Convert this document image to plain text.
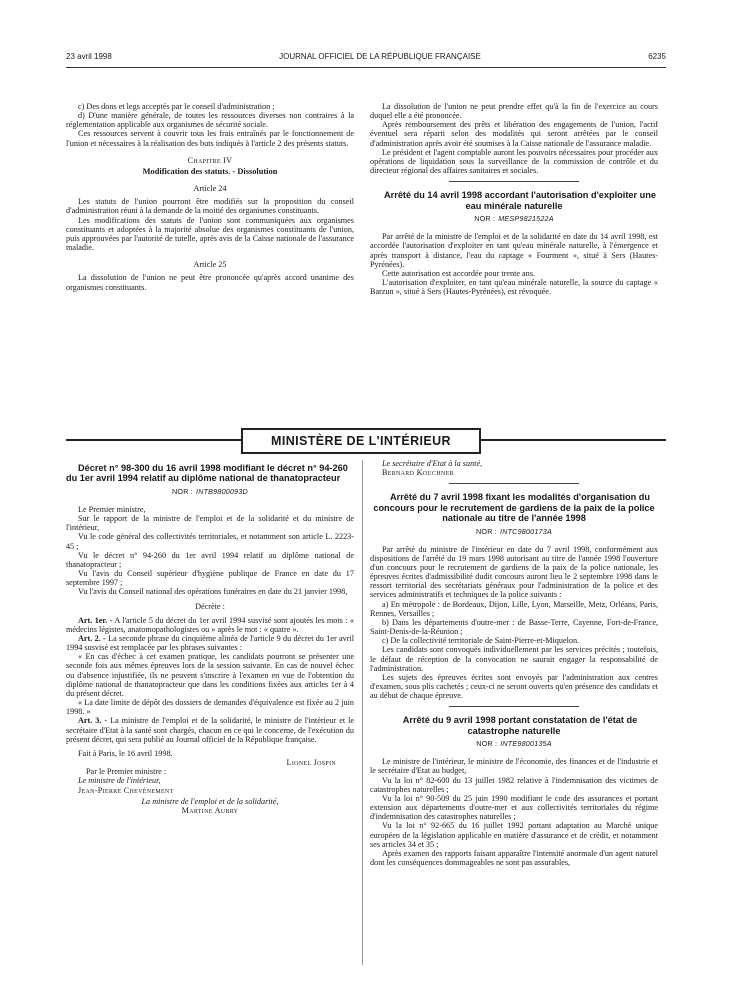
23 avril 1998	JOURNAL OFFICIEL DE LA RÉPUBLIQUE FRANÇAISE	6235

c) Des dons et legs acceptés par le conseil d'administration ;

d) D'une manière générale, de toutes les ressources diverses non contraires à la réglementation applicable aux organismes de sécurité sociale.

Ces ressources servent à couvrir tous les frais entraînés par le fonctionnement de l'union et nécessaires à la réalisation des buts indiqués à l'article 2 des présents statuts.

Chapitre IV
Modification des statuts. - Dissolution
Article 24

Les statuts de l'union pourront être modifiés sur la proposition du conseil d'administration réuni à la demande de la moitié des organismes constituants.

Les modifications des statuts de l'union sont communiquées aux organismes constituants et adoptées à la majorité absolue des organismes constituants de l'union, puis approuvées par l'autorité de tutelle, après avis de la Caisse nationale de l'assurance maladie.

Article 25

La dissolution de l'union ne peut être prononcée qu'après accord unanime des organismes constituants.

La dissolution de l'union ne peut prendre effet qu'à la fin de l'exercice au cours duquel elle a été prononcée.

Après remboursement des prêts et libération des engagements de l'union, l'actif éventuel sera réparti selon des modalités qui seront arrêtées par le conseil d'administration après avoir été soumises à la Caisse nationale de l'assurance maladie.

Le président et l'agent comptable auront les pouvoirs nécessaires pour procéder aux opérations de liquidation sous la surveillance de la commission de contrôle et du directeur régional des affaires sanitaires et sociales.

Arrêté du 14 avril 1998 accordant l'autorisation d'exploiter une eau minérale naturelle

NOR : MESP9821522A

Par arrêté de la ministre de l'emploi et de la solidarité en date du 14 avril 1998, est accordée l'autorisation d'exploiter en tant qu'eau minérale naturelle, à l'émergence et après transport à distance, l'eau du captage « Fourment », situé à Sers (Hautes-Pyrénées).

Cette autorisation est accordée pour trente ans.

L'autorisation d'exploiter, en tant qu'eau minérale naturelle, la source du captage « Barzun », situé à Sers (Hautes-Pyrénées), est révoquée.

MINISTÈRE DE L'INTÉRIEUR

Décret n° 98-300 du 16 avril 1998 modifiant le décret n° 94-260 du 1er avril 1994 relatif au diplôme national de thanatopracteur

NOR : INTB9800093D

Le Premier ministre,

Sur le rapport de la ministre de l'emploi et de la solidarité et du ministre de l'intérieur,

Vu le code général des collectivités territoriales, et notamment son article L. 2223-45 ;

Vu le décret n° 94-260 du 1er avril 1994 relatif au diplôme national de thanatopracteur ;

Vu l'avis du Conseil supérieur d'hygiène publique de France en date du 17 septembre 1997 ;

Vu l'avis du Conseil national des opérations funéraires en date du 21 janvier 1998,

Décrète :

Art. 1er. - A l'article 5 du décret du 1er avril 1994 susvisé sont ajoutés les mots : « médecins légistes, anatomopathologistes ou » après le mot : « quatre ».

Art. 2. - La seconde phrase du cinquième alinéa de l'article 9 du décret du 1er avril 1994 susvisé est remplacée par les phrases suivantes :

« En cas d'échec à cet examen pratique, les candidats pourront se présenter une seconde fois aux mêmes épreuves lors de la session suivante. En cas de nouvel échec ou d'absence injustifiée, ils ne peuvent s'inscrire à l'examen en vue de l'obtention du diplôme national de thanatopracteur que dans les conditions fixées aux articles 1er à 4 du présent décret.

« La date limite de dépôt des dossiers de demandes d'équivalence est fixée au 2 juin 1998. »

Art. 3. - La ministre de l'emploi et de la solidarité, le ministre de l'intérieur et le secrétaire d'Etat à la santé sont chargés, chacun en ce qui le concerne, de l'exécution du présent décret, qui sera publié au Journal officiel de la République française.

Fait à Paris, le 16 avril 1998.

Lionel Jospin

Par le Premier ministre :

Le ministre de l'intérieur,

Jean-Pierre Chevènement

La ministre de l'emploi et de la solidarité,

Martine Aubry

Le secrétaire d'Etat à la santé,

Bernard Kouchner

Arrêté du 7 avril 1998 fixant les modalités d'organisation du concours pour le recrutement de gardiens de la paix de la police nationale au titre de l'année 1998

NOR : INTC9800173A

Par arrêté du ministre de l'intérieur en date du 7 avril 1998, conformément aux dispositions de l'arrêté du 19 mars 1998 autorisant au titre de l'année 1998 l'ouverture d'un concours pour le recrutement de gardiens de la paix de la police nationale, les épreuves écrites d'admissibilité dudit concours auront lieu le 2 septembre 1998 dans le ressort territorial des secrétariats généraux pour l'administration de la police et des services administratifs et techniques de la police suivants :

a) En métropole : de Bordeaux, Dijon, Lille, Lyon, Marseille, Metz, Orléans, Paris, Rennes, Versailles ;

b) Dans les départements d'outre-mer : de Basse-Terre, Cayenne, Fort-de-France, Saint-Denis-de-la-Réunion ;

c) De la collectivité territoriale de Saint-Pierre-et-Miquelon.

Les candidats sont convoqués individuellement par les services précités ; toutefois, le défaut de réception de la convocation ne saurait engager la responsabilité de l'administration.

Les sujets des épreuves écrites sont envoyés par l'administration aux centres d'examen, sous plis cachetés ; ceux-ci ne seront ouverts qu'en présence des candidats et au début de chaque épreuve.

Arrêté du 9 avril 1998 portant constatation de l'état de catastrophe naturelle

NOR : INTE9800135A

Le ministre de l'intérieur, le ministre de l'économie, des finances et de l'industrie et le secrétaire d'Etat au budget,

Vu la loi n° 82-600 du 13 juillet 1982 relative à l'indemnisation des victimes de catastrophes naturelles ;

Vu la loi n° 90-509 du 25 juin 1990 modifiant le code des assurances et portant extension aux départements d'outre-mer et aux collectivités territoriales du régime d'indemnisation des catastrophes naturelles ;

Vu la loi n° 92-665 du 16 juillet 1992 portant adaptation au Marché unique européen de la législation applicable en matière d'assurance et de crédit, et notamment ses articles 34 et 35 ;

Après examen des rapports faisant apparaître l'intensité anormale d'un agent naturel dont les conséquences dommageables ne sont pas assurables,
